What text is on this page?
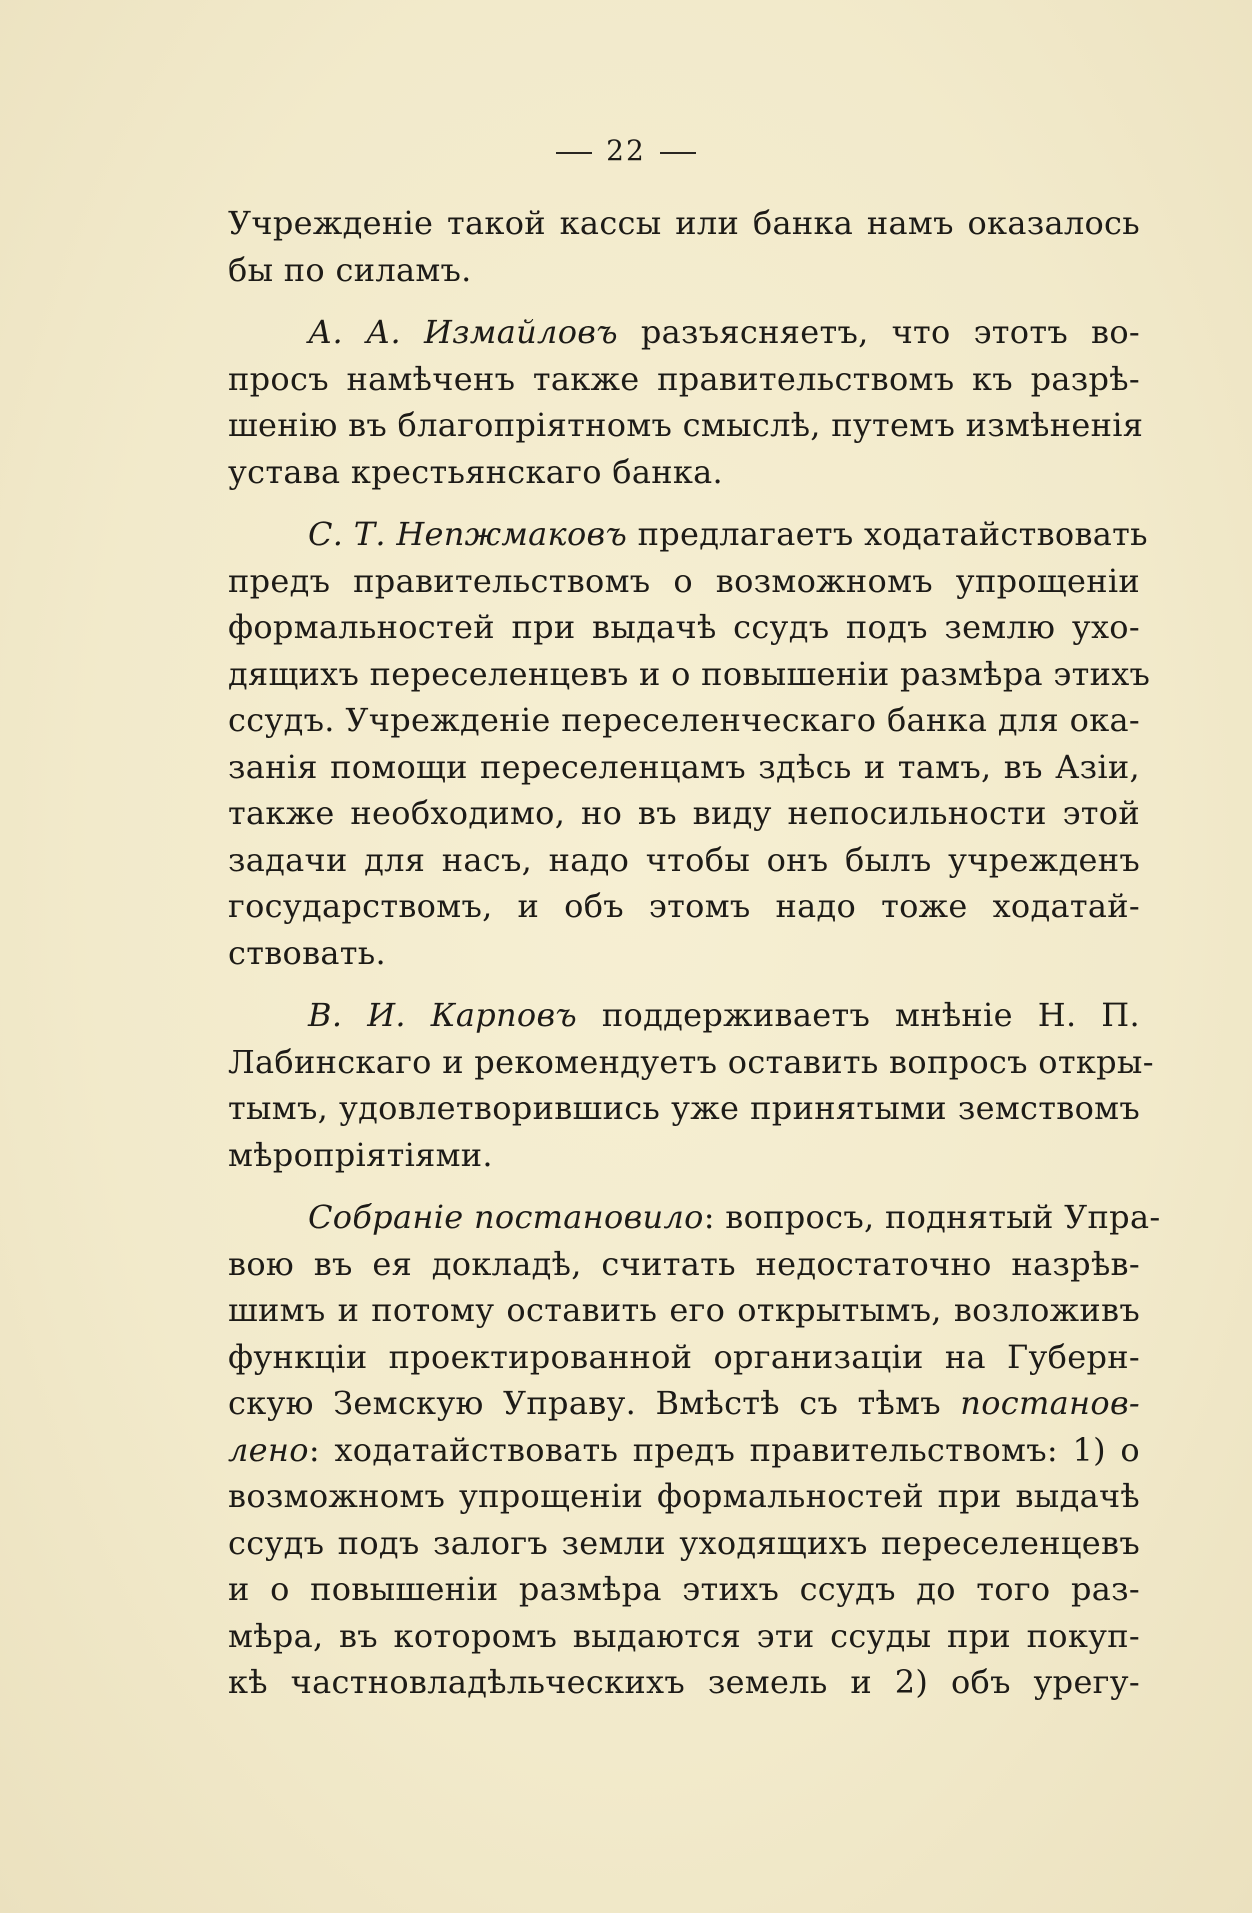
22
Учрежденіе такой кассы или банка намъ оказалось
бы по силамъ.
А. А. Измайловъ разъясняетъ, что этотъ во-
просъ намѣченъ также правительствомъ къ разрѣ-
шенію въ благопріятномъ смыслѣ, путемъ измѣненія
устава крестьянскаго банка.
С. Т. Непжмаковъ предлагаетъ ходатайствовать
предъ правительствомъ о возможномъ упрощеніи
формальностей при выдачѣ ссудъ подъ землю ухо-
дящихъ переселенцевъ и о повышеніи размѣра этихъ
ссудъ. Учрежденіе переселенческаго банка для ока-
занія помощи переселенцамъ здѣсь и тамъ, въ Азіи,
также необходимо, но въ виду непосильности этой
задачи для насъ, надо чтобы онъ былъ учрежденъ
государствомъ, и объ этомъ надо тоже ходатай-
ствовать.
В. И. Карповъ поддерживаетъ мнѣніе Н. П.
Лабинскаго и рекомендуетъ оставить вопросъ откры-
тымъ, удовлетворившись уже принятыми земствомъ
мѣропріятіями.
Собраніе постановило: вопросъ, поднятый Упра-
вою въ ея докладѣ, считать недостаточно назрѣв-
шимъ и потому оставить его открытымъ, возложивъ
функціи проектированной организаціи на Губерн-
скую Земскую Управу. Вмѣстѣ съ тѣмъ постанов-
лено: ходатайствовать предъ правительствомъ: 1) о
возможномъ упрощеніи формальностей при выдачѣ
ссудъ подъ залогъ земли уходящихъ переселенцевъ
и о повышеніи размѣра этихъ ссудъ до того раз-
мѣра, въ которомъ выдаются эти ссуды при покуп-
кѣ частновладѣльческихъ земель и 2) объ урегу-
